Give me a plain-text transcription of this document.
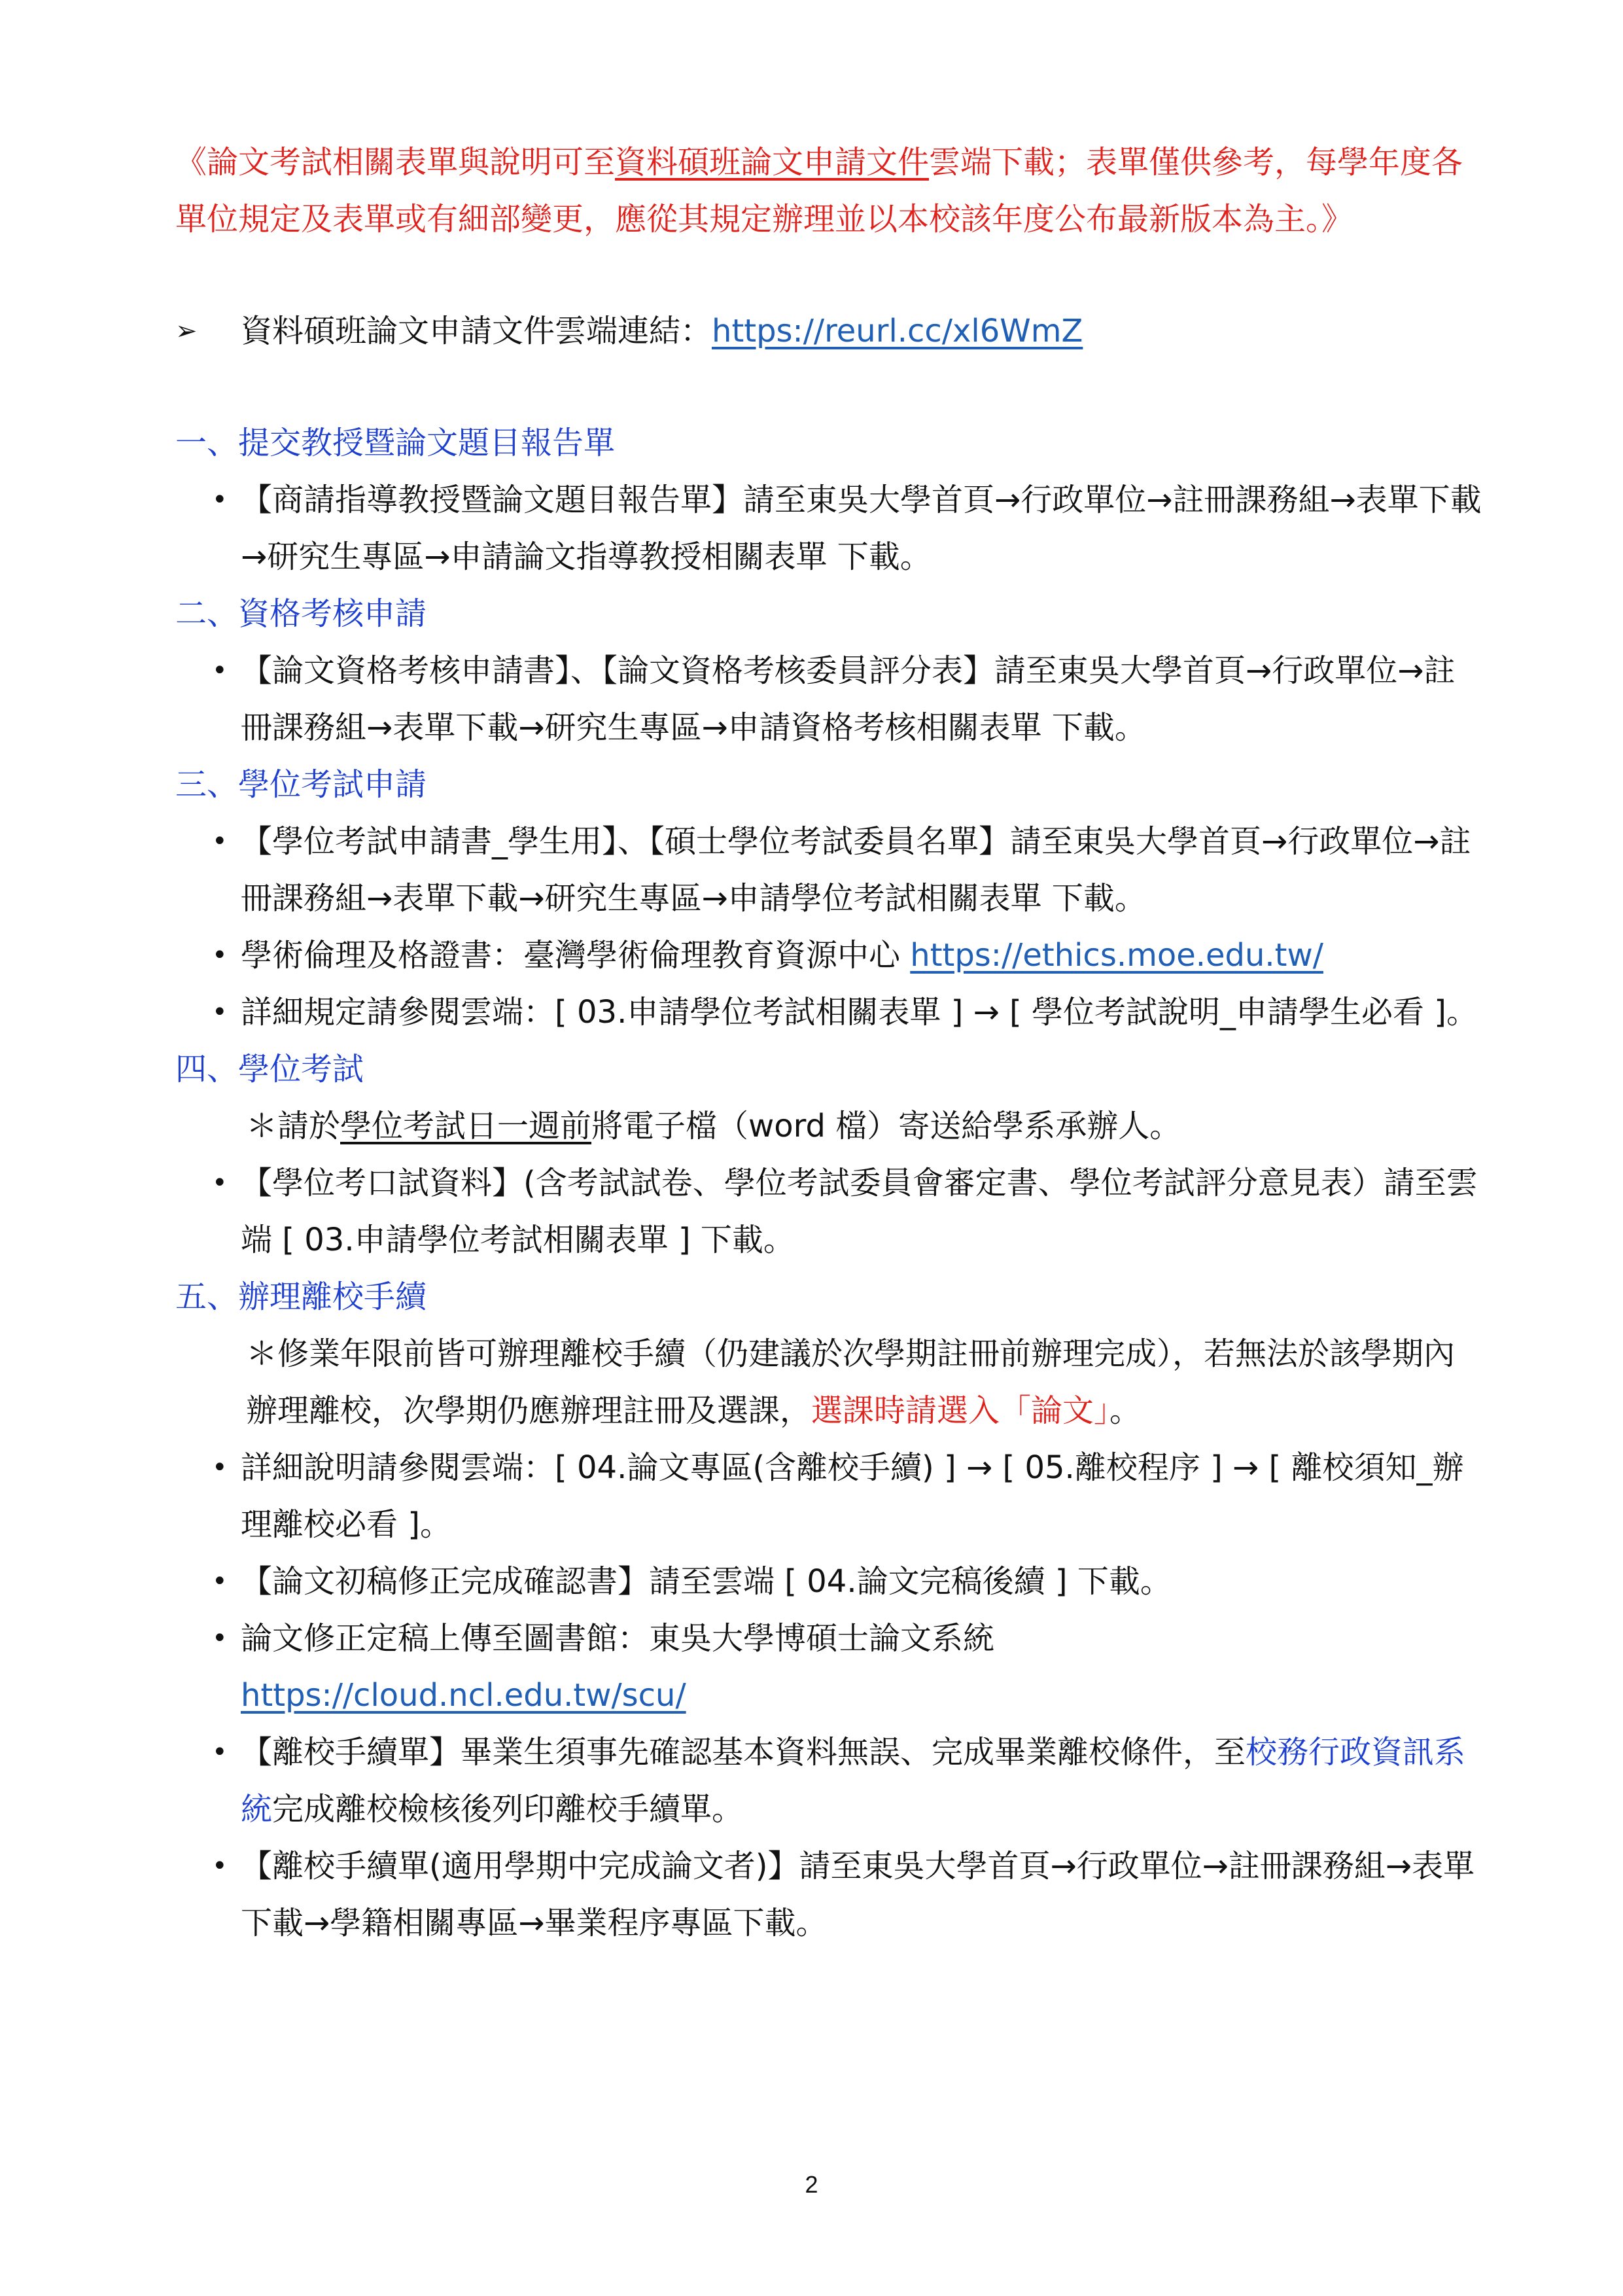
《論文考試相關表單與說明可至資料碩班論文申請文件雲端下載；表單僅供參考，每學年度各單位規定及表單或有細部變更，應從其規定辦理並以本校該年度公布最新版本為主。》

➢ 資料碩班論文申請文件雲端連結：https://reurl.cc/xl6WmZ

一、提交教授暨論文題目報告單

• 【商請指導教授暨論文題目報告單】請至東吳大學首頁→行政單位→註冊課務組→表單下載→研究生專區→申請論文指導教授相關表單 下載。

二、資格考核申請

• 【論文資格考核申請書】、【論文資格考核委員評分表】請至東吳大學首頁→行政單位→註冊課務組→表單下載→研究生專區→申請資格考核相關表單 下載。

三、學位考試申請

• 【學位考試申請書_學生用】、【碩士學位考試委員名單】請至東吳大學首頁→行政單位→註冊課務組→表單下載→研究生專區→申請學位考試相關表單 下載。

• 學術倫理及格證書：臺灣學術倫理教育資源中心 https://ethics.moe.edu.tw/

• 詳細規定請參閱雲端：[ 03.申請學位考試相關表單 ] → [ 學位考試說明_申請學生必看 ]。

四、學位考試

＊請於學位考試日一週前將電子檔（word 檔）寄送給學系承辦人。

• 【學位考口試資料】(含考試試卷、學位考試委員會審定書、學位考試評分意見表）請至雲端 [ 03.申請學位考試相關表單 ] 下載。

五、辦理離校手續

＊修業年限前皆可辦理離校手續（仍建議於次學期註冊前辦理完成），若無法於該學期內辦理離校，次學期仍應辦理註冊及選課，選課時請選入「論文」。

• 詳細說明請參閱雲端：[ 04.論文專區(含離校手續) ] → [ 05.離校程序 ] → [ 離校須知_辦理離校必看 ]。

• 【論文初稿修正完成確認書】請至雲端 [ 04.論文完稿後續 ] 下載。

• 論文修正定稿上傳至圖書館：東吳大學博碩士論文系統
https://cloud.ncl.edu.tw/scu/

• 【離校手續單】畢業生須事先確認基本資料無誤、完成畢業離校條件，至校務行政資訊系統完成離校檢核後列印離校手續單。

• 【離校手續單(適用學期中完成論文者)】請至東吳大學首頁→行政單位→註冊課務組→表單下載→學籍相關專區→畢業程序專區下載。

2
